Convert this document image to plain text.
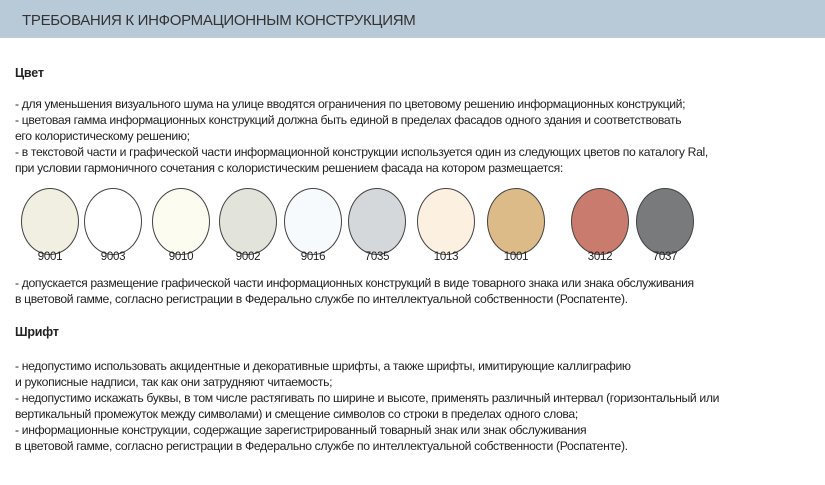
ТРЕБОВАНИЯ К ИНФОРМАЦИОННЫМ КОНСТРУКЦИЯМ
Цвет
- для уменьшения визуального шума на улице вводятся ограничения по цветовому решению информационных конструкций;
- цветовая гамма информационных конструкций должна быть единой в пределах фасадов одного здания и соответствовать
его колористическому решению;
- в текстовой части и графической части информационной конструкции используется один из следующих цветов по каталогу Ral,
при условии гармоничного сочетания с колористическим решением фасада на котором размещается:
9001	9003	9010	9002	9016	7035	1013	1001	3012	7037
- допускается размещение графической части информационных конструкций в виде товарного знака или знака обслуживания
в цветовой гамме, согласно регистрации в Федерально службе по интеллектуальной собственности (Роспатенте).
Шрифт
- недопустимо использовать акцидентные и декоративные шрифты, а также шрифты, имитирующие каллиграфию
и рукописные надписи, так как они затрудняют читаемость;
- недопустимо искажать буквы, в том числе растягивать по ширине и высоте, применять различный интервал (горизонтальный или
вертикальный промежуток между символами) и смещение символов со строки в пределах одного слова;
- информационные конструкции, содержащие зарегистрированный товарный знак или знак обслуживания
в цветовой гамме, согласно регистрации в Федерально службе по интеллектуальной собственности (Роспатенте).
